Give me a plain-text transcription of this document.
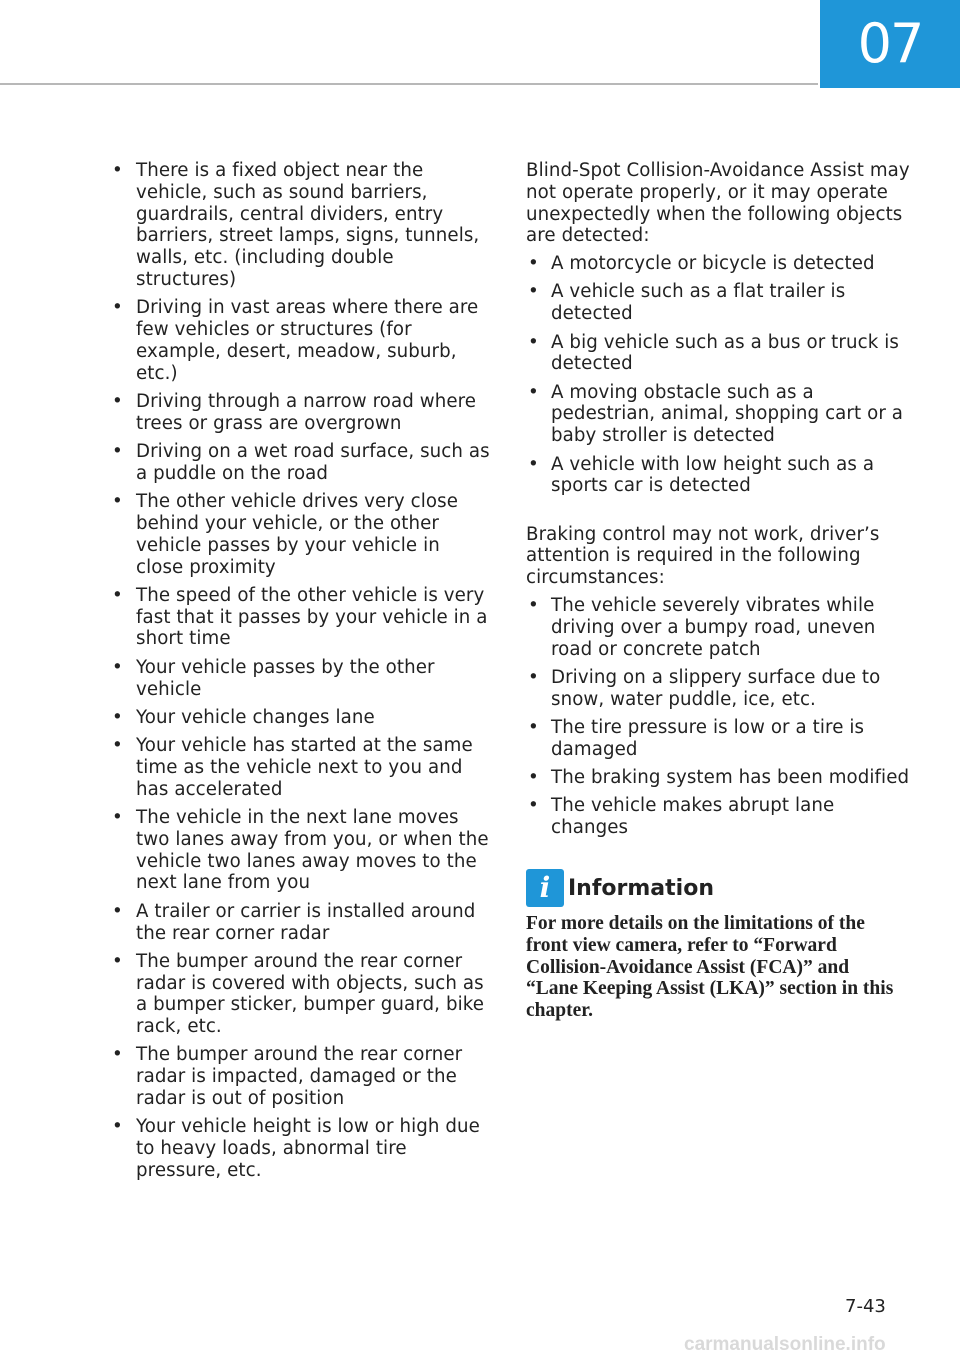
07
• There is a fixed object near the vehicle, such as sound barriers, guardrails, central dividers, entry barriers, street lamps, signs, tunnels, walls, etc. (including double structures)
• Driving in vast areas where there are few vehicles or structures (for example, desert, meadow, suburb, etc.)
• Driving through a narrow road where trees or grass are overgrown
• Driving on a wet road surface, such as a puddle on the road
• The other vehicle drives very close behind your vehicle, or the other vehicle passes by your vehicle in close proximity
• The speed of the other vehicle is very fast that it passes by your vehicle in a short time
• Your vehicle passes by the other vehicle
• Your vehicle changes lane
• Your vehicle has started at the same time as the vehicle next to you and has accelerated
• The vehicle in the next lane moves two lanes away from you, or when the vehicle two lanes away moves to the next lane from you
• A trailer or carrier is installed around the rear corner radar
• The bumper around the rear corner radar is covered with objects, such as a bumper sticker, bumper guard, bike rack, etc.
• The bumper around the rear corner radar is impacted, damaged or the radar is out of position
• Your vehicle height is low or high due to heavy loads, abnormal tire pressure, etc.

Blind-Spot Collision-Avoidance Assist may not operate properly, or it may operate unexpectedly when the following objects are detected:

• A motorcycle or bicycle is detected
• A vehicle such as a flat trailer is detected
• A big vehicle such as a bus or truck is detected
• A moving obstacle such as a pedestrian, animal, shopping cart or a baby stroller is detected
• A vehicle with low height such as a sports car is detected

Braking control may not work, driver’s attention is required in the following circumstances:

• The vehicle severely vibrates while driving over a bumpy road, uneven road or concrete patch
• Driving on a slippery surface due to snow, water puddle, ice, etc.
• The tire pressure is low or a tire is damaged
• The braking system has been modified
• The vehicle makes abrupt lane changes
i Information
For more details on the limitations of the front view camera, refer to “Forward Collision-Avoidance Assist (FCA)” and “Lane Keeping Assist (LKA)” section in this chapter.
7-43
carmanualsonline.info
